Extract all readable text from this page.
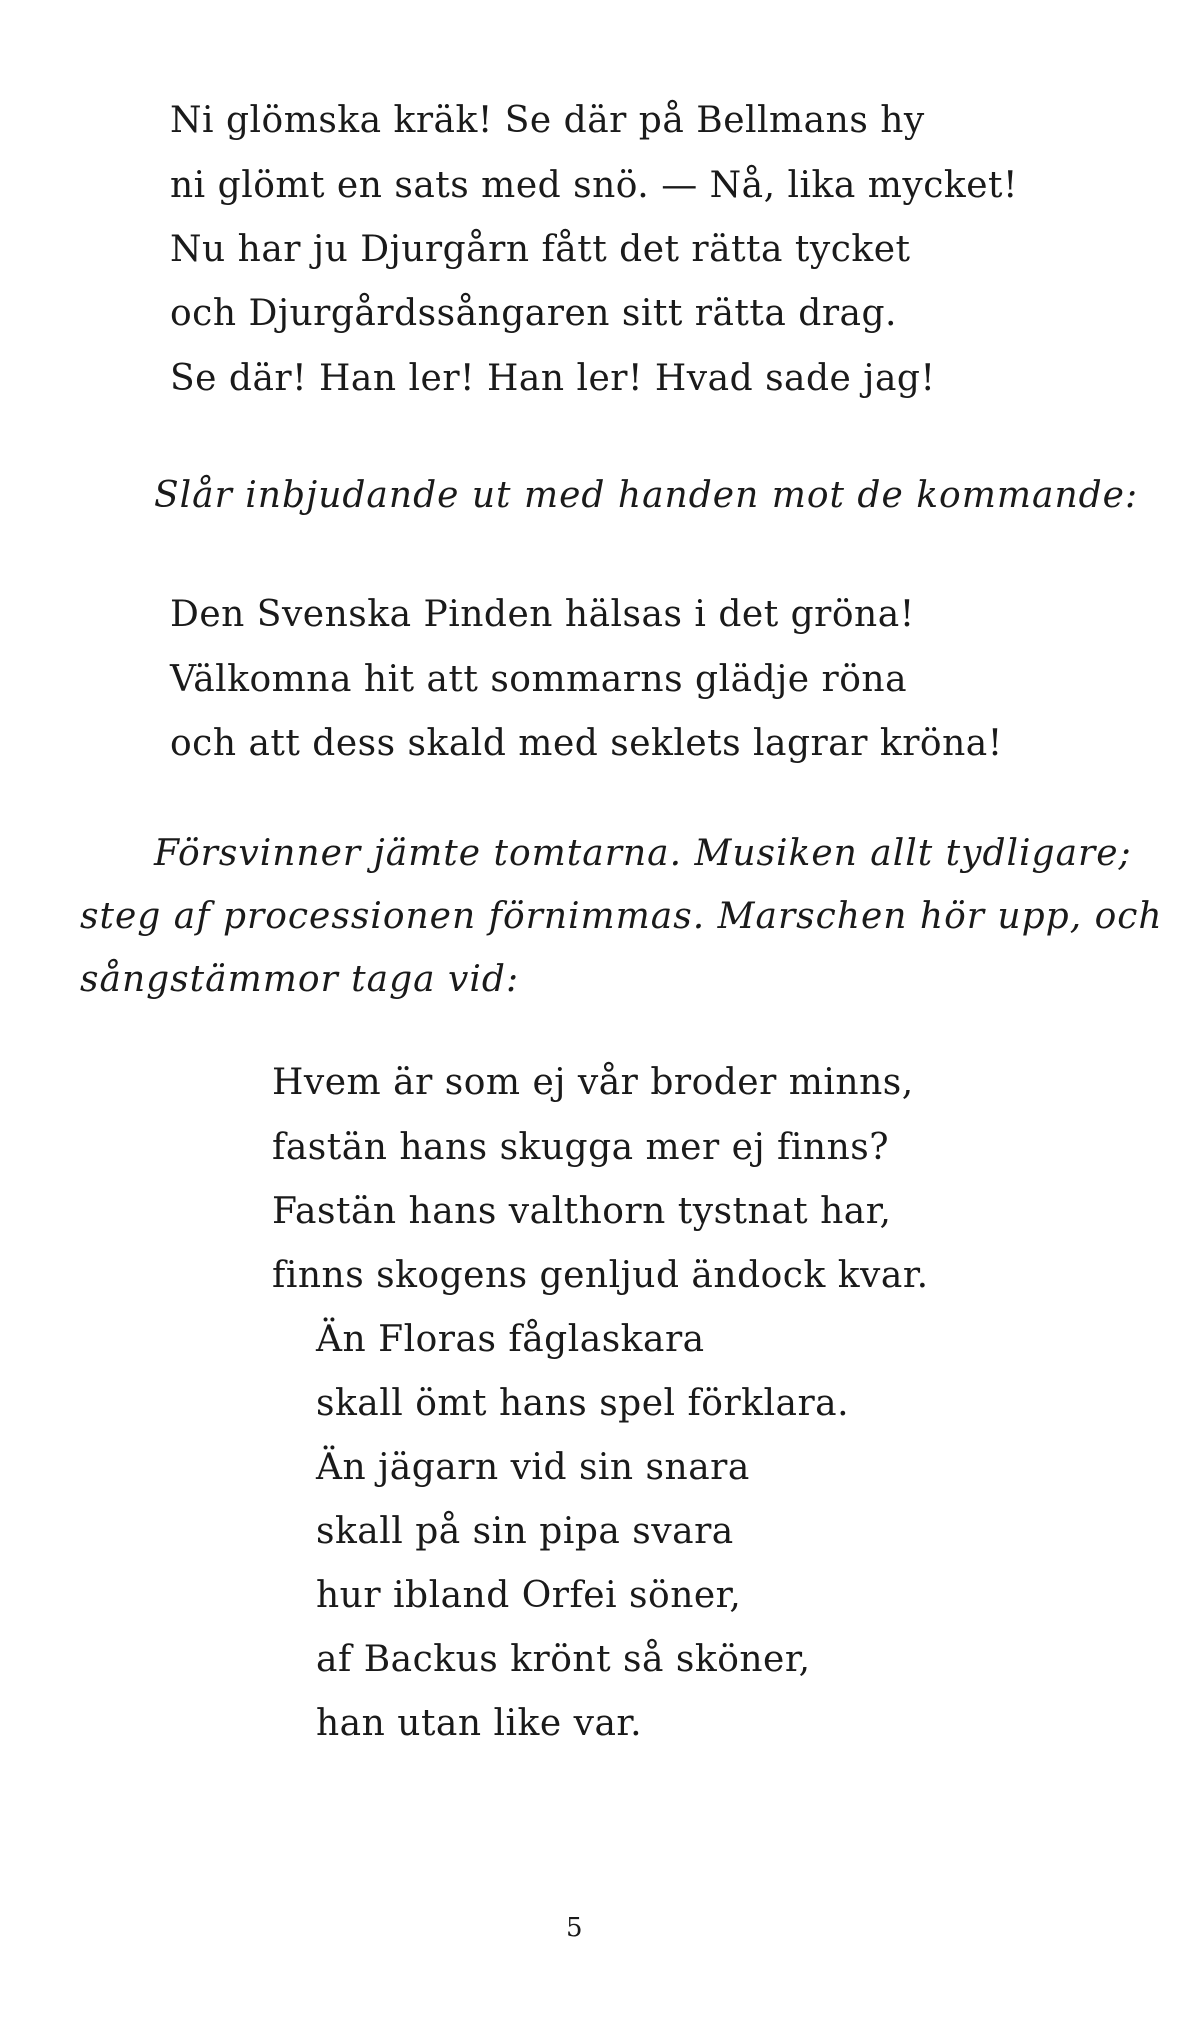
Ni glömska kräk! Se där på Bellmans hy
ni glömt en sats med snö. — Nå, lika mycket!
Nu har ju Djurgårn fått det rätta tycket
och Djurgårdssångaren sitt rätta drag.
Se där! Han ler! Han ler! Hvad sade jag!
Slår inbjudande ut med handen mot de kommande:
Den Svenska Pinden hälsas i det gröna!
Välkomna hit att sommarns glädje röna
och att dess skald med seklets lagrar kröna!
Försvinner jämte tomtarna. Musiken allt tydligare;
steg af processionen förnimmas. Marschen hör upp, och
sångstämmor taga vid:
Hvem är som ej vår broder minns,
fastän hans skugga mer ej finns?
Fastän hans valthorn tystnat har,
finns skogens genljud ändock kvar.
Än Floras fåglaskara
skall ömt hans spel förklara.
Än jägarn vid sin snara
skall på sin pipa svara
hur ibland Orfei söner,
af Backus krönt så sköner,
han utan like var.
5
